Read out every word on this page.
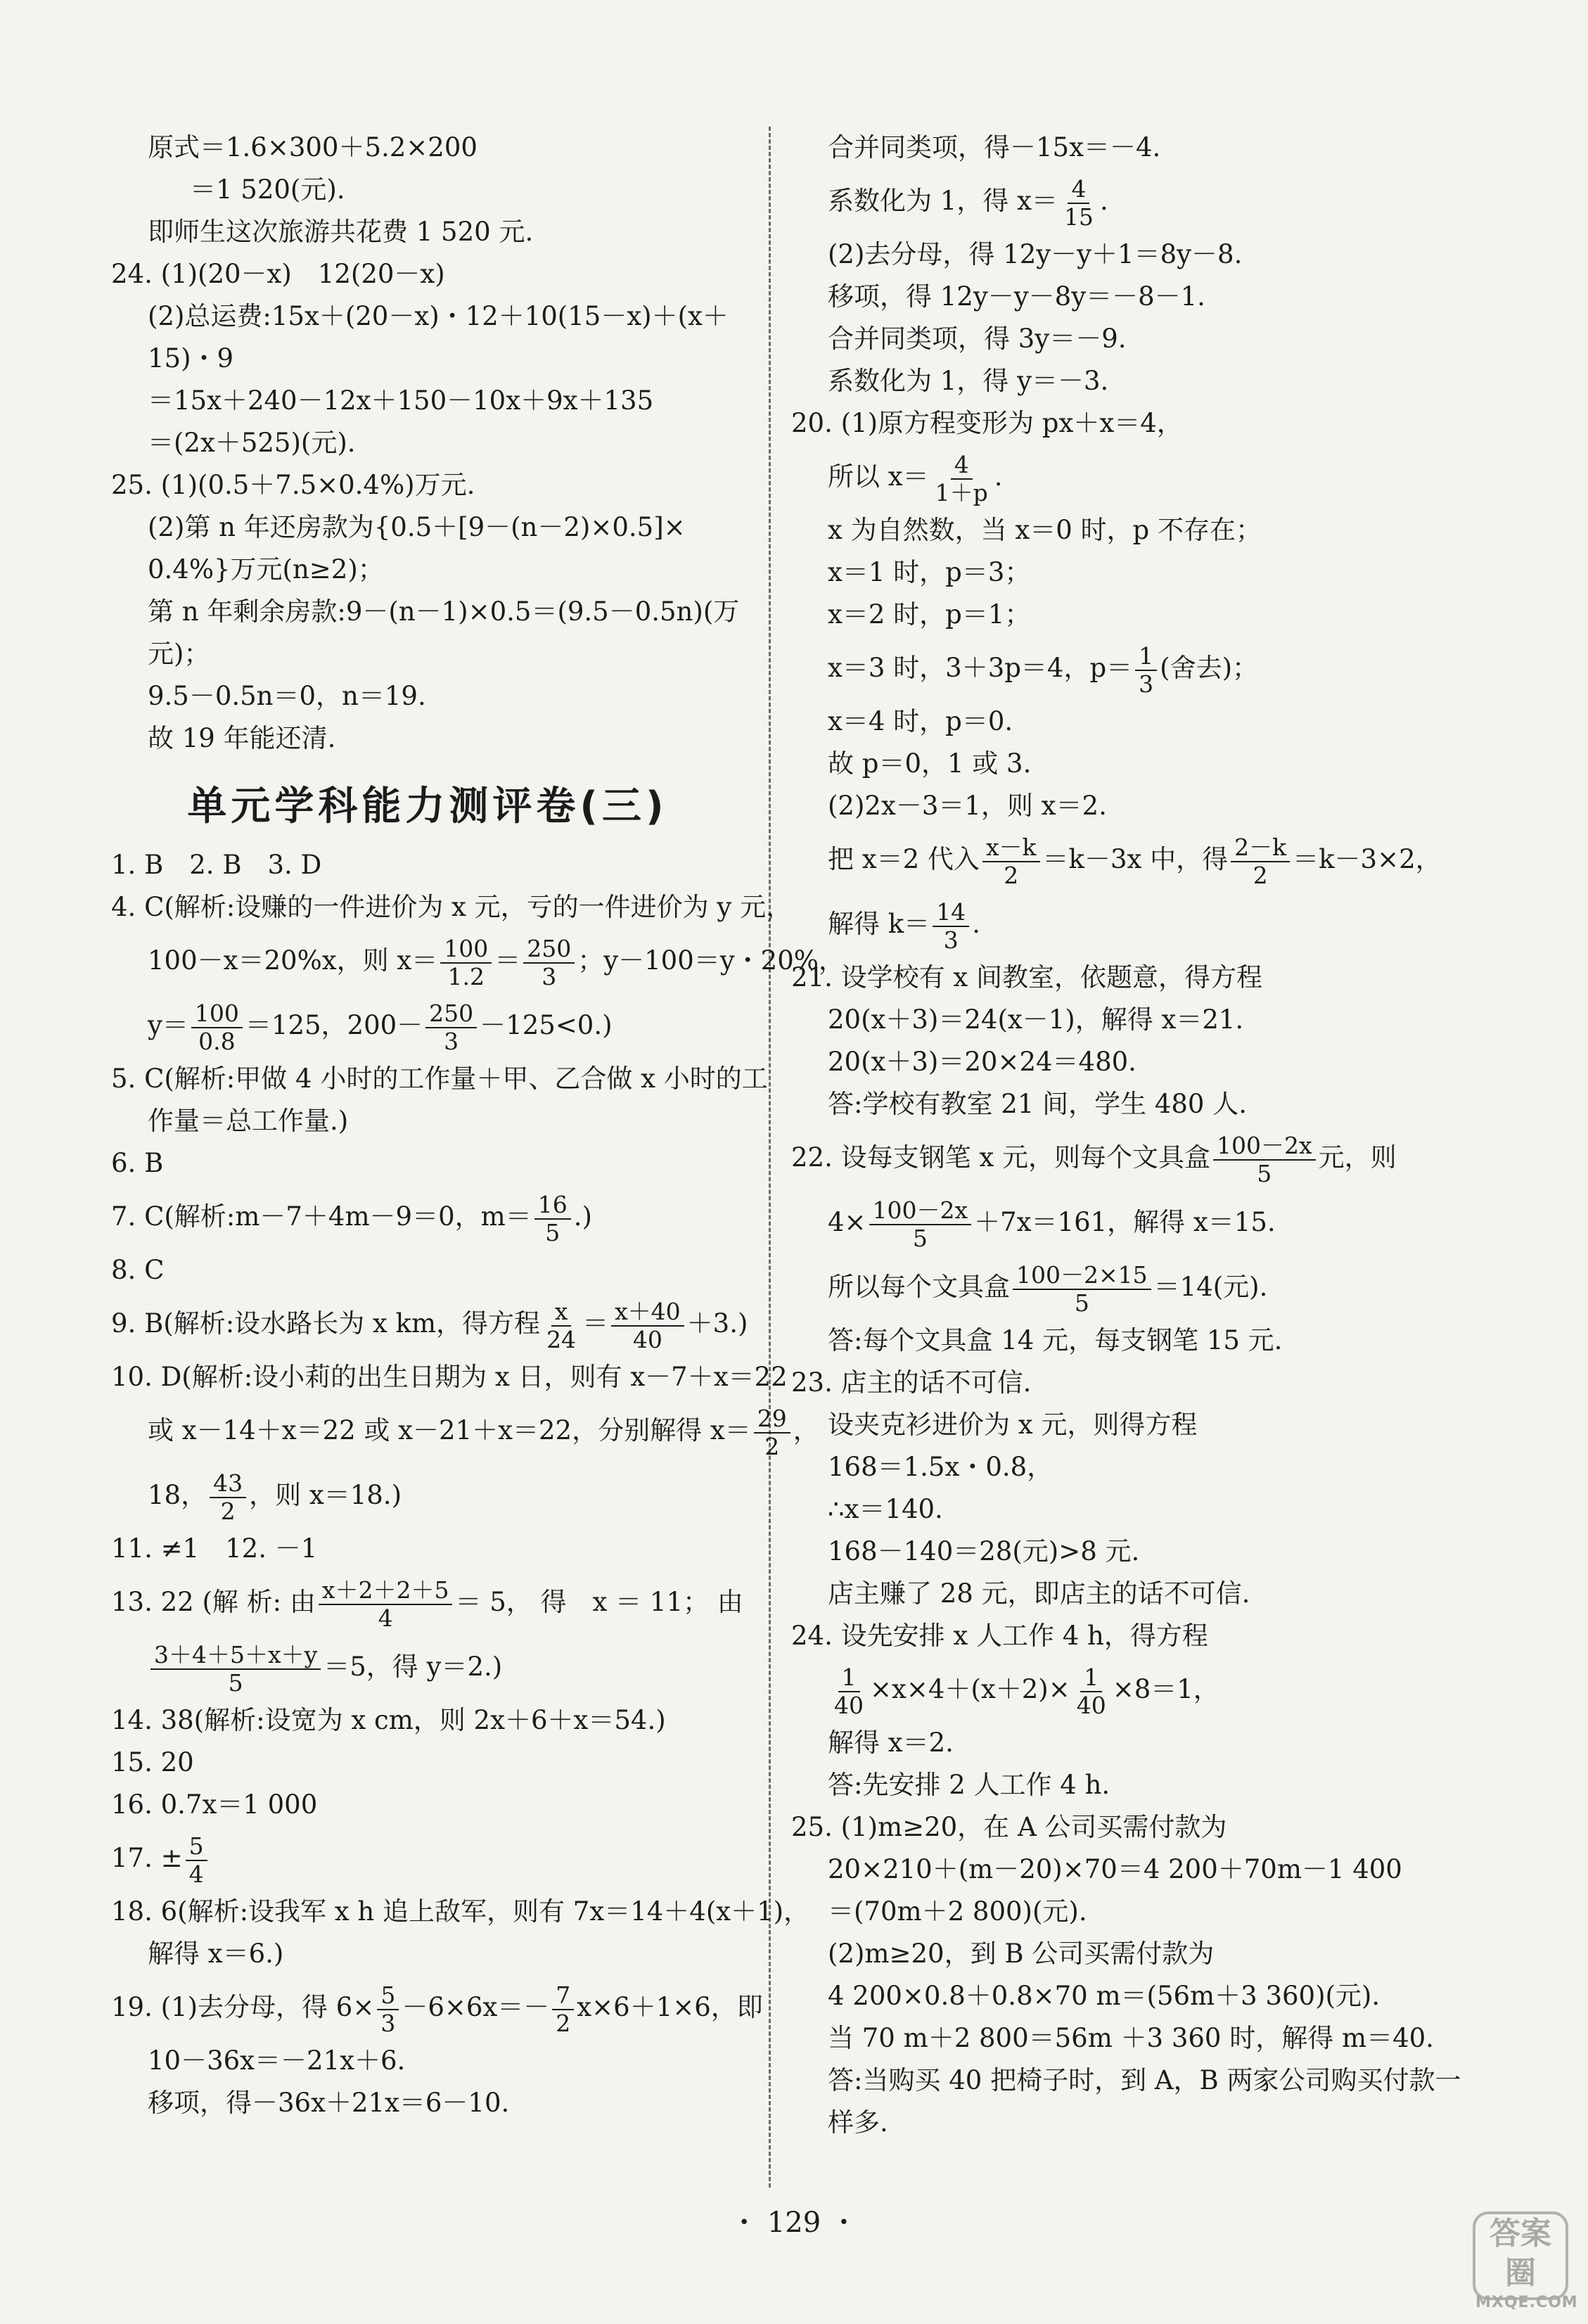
原式＝1.6×300＋5.2×200
＝1 520(元).
即师生这次旅游共花费 1 520 元.
24. (1)(20－x)　12(20－x)
(2)总运费:15x＋(20－x)・12＋10(15－x)＋(x＋
15)・9
＝15x＋240－12x＋150－10x＋9x＋135
＝(2x＋525)(元).
25. (1)(0.5＋7.5×0.4%)万元.
(2)第 n 年还房款为{0.5＋[9－(n－2)×0.5]×
0.4%}万元(n≥2)；
第 n 年剩余房款:9－(n－1)×0.5＝(9.5－0.5n)(万
元)；
9.5－0.5n＝0，n＝19.
故 19 年能还清.
单元学科能力测评卷(三)
1. B　2. B　3. D
4. C(解析:设赚的一件进价为 x 元，亏的一件进价为 y 元，
100－x＝20%x，则 $x= \frac{100}{1.2} = \frac{250}{3}$ ；y－100＝y・20%，
$y= \frac{100}{0.8} =125$，$200- \frac{250}{3} -125<0$.)
5. C(解析:甲做 4 小时的工作量＋甲、乙合做 x 小时的工
作量＝总工作量.)
6. B
7. C(解析:m－7＋4m－9＝0，$m= \frac{16}{5}$ .)
8. C
9. B(解析:设水路长为 x km，得方程 $\frac{x}{24} = \frac{x+40}{40} +3$.)
10. D(解析:设小莉的出生日期为 x 日，则有 x－7＋x＝22
或 x－14＋x＝22 或 x－21＋x＝22，分别解得 $x= \frac{29}{2}$ ，
18， $\frac{43}{2}$ ，则 x＝18.)
11. ≠1　12. －1
13. 22 (解 析: 由 $\frac{x+2+2+5}{4} = 5$， 得　x ＝ 11； 由
$\frac{3+4+5+x+y}{5} =5$，得 y＝2.)
14. 38(解析:设宽为 x cm，则 2x＋6＋x＝54.)
15. 20
16. 0.7x＝1 000
17. ± $\frac{5}{4}$
18. 6(解析:设我军 x h 追上敌军，则有 7x＝14＋4(x＋1)，
解得 x＝6.)
19. (1)去分母，得 $6\times \frac{5}{3} -6\times 6x=- \frac{7}{2} x\times 6+1\times 6$，即
10－36x＝－21x＋6.
移项，得－36x＋21x＝6－10.
合并同类项，得－15x＝－4.
系数化为 1，得 $x= \frac{4}{15}$ .
(2)去分母，得 12y－y＋1＝8y－8.
移项，得 12y－y－8y＝－8－1.
合并同类项，得 3y＝－9.
系数化为 1，得 y＝－3.
20. (1)原方程变形为 px＋x＝4，
所以 $x= \frac{4}{1+p}$ .
x 为自然数，当 x＝0 时，p 不存在；
x＝1 时，p＝3；
x＝2 时，p＝1；
x＝3 时，3＋3p＝4，$p= \frac{1}{3}$ (舍去)；
x＝4 时，p＝0.
故 p＝0，1 或 3.
(2)2x－3＝1，则 x＝2.
把 x＝2 代入 $\frac{x-k}{2} =k-3x$ 中，得 $\frac{2-k}{2} =k-3\times 2$，
解得 $k= \frac{14}{3}$ .
21. 设学校有 x 间教室，依题意，得方程
20(x＋3)＝24(x－1)，解得 x＝21.
20(x＋3)＝20×24＝480.
答:学校有教室 21 间，学生 480 人.
22. 设每支钢笔 x 元，则每个文具盒 $\frac{100-2x}{5}$ 元，则
$4\times \frac{100-2x}{5} +7x=161$，解得 x＝15.
所以每个文具盒 $\frac{100-2\times 15}{5} =14$(元).
答:每个文具盒 14 元，每支钢笔 15 元.
23. 店主的话不可信.
设夹克衫进价为 x 元，则得方程
168＝1.5x・0.8，
∴x＝140.
168－140＝28(元)>8 元.
店主赚了 28 元，即店主的话不可信.
24. 设先安排 x 人工作 4 h，得方程
$\frac{1}{40} \times x\times 4+(x+2)\times \frac{1}{40} \times 8=1$，
解得 x＝2.
答:先安排 2 人工作 4 h.
25. (1)m≥20，在 A 公司买需付款为
20×210＋(m－20)×70＝4 200＋70m－1 400
＝(70m＋2 800)(元).
(2)m≥20，到 B 公司买需付款为
4 200×0.8＋0.8×70 m＝(56m＋3 360)(元).
当 70 m＋2 800＝56m ＋3 360 时，解得 m＝40.
答:当购买 40 把椅子时，到 A，B 两家公司购买付款一
样多.
・ 129 ・	答案圈
MXQE.COM
